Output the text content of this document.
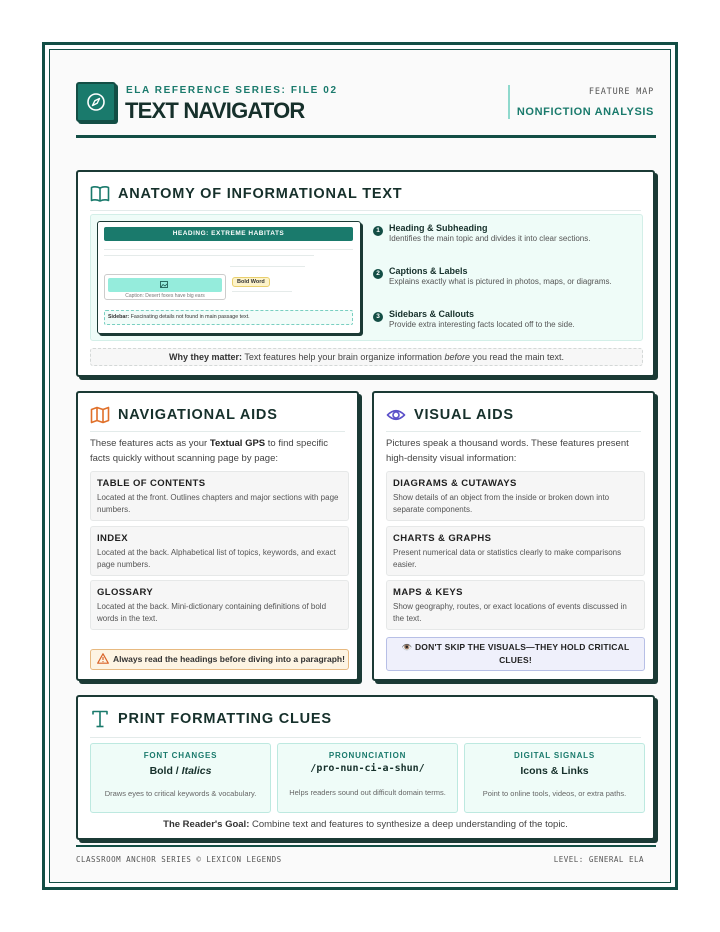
ELA REFERENCE SERIES: FILE 02
TEXT NAVIGATOR
FEATURE MAP
NONFICTION ANALYSIS
ANATOMY OF INFORMATIONAL TEXT
HEADING: EXTREME HABITATS
Caption: Desert foxes have big ears
Bold Word
Sidebar: Fascinating details not found in main passage text.
1	Heading & Subheading
Identifies the main topic and divides it into clear sections.
2	Captions & Labels
Explains exactly what is pictured in photos, maps, or diagrams.
3	Sidebars & Callouts
Provide extra interesting facts located off to the side.
Why they matter: Text features help your brain organize information before you read the main text.
NAVIGATIONAL AIDS
These features acts as your Textual GPS to find specific facts quickly without scanning page by page:
TABLE OF CONTENTS
Located at the front. Outlines chapters and major sections with page numbers.
INDEX
Located at the back. Alphabetical list of topics, keywords, and exact page numbers.
GLOSSARY
Located at the back. Mini-dictionary containing definitions of bold words in the text.
Always read the headings before diving into a paragraph!
VISUAL AIDS
Pictures speak a thousand words. These features present high-density visual information:
DIAGRAMS & CUTAWAYS
Show details of an object from the inside or broken down into separate components.
CHARTS & GRAPHS
Present numerical data or statistics clearly to make comparisons easier.
MAPS & KEYS
Show geography, routes, or exact locations of events discussed in the text.
👁️ DON'T SKIP THE VISUALS—THEY HOLD CRITICAL CLUES!
PRINT FORMATTING CLUES
FONT CHANGES
Bold / Italics
Draws eyes to critical keywords & vocabulary.
PRONUNCIATION
/pro-nun-ci-a-shun/
Helps readers sound out difficult domain terms.
DIGITAL SIGNALS
Icons & Links
Point to online tools, videos, or extra paths.
The Reader's Goal: Combine text and features to synthesize a deep understanding of the topic.
CLASSROOM ANCHOR SERIES © LEXICON LEGENDS	LEVEL: GENERAL ELA
